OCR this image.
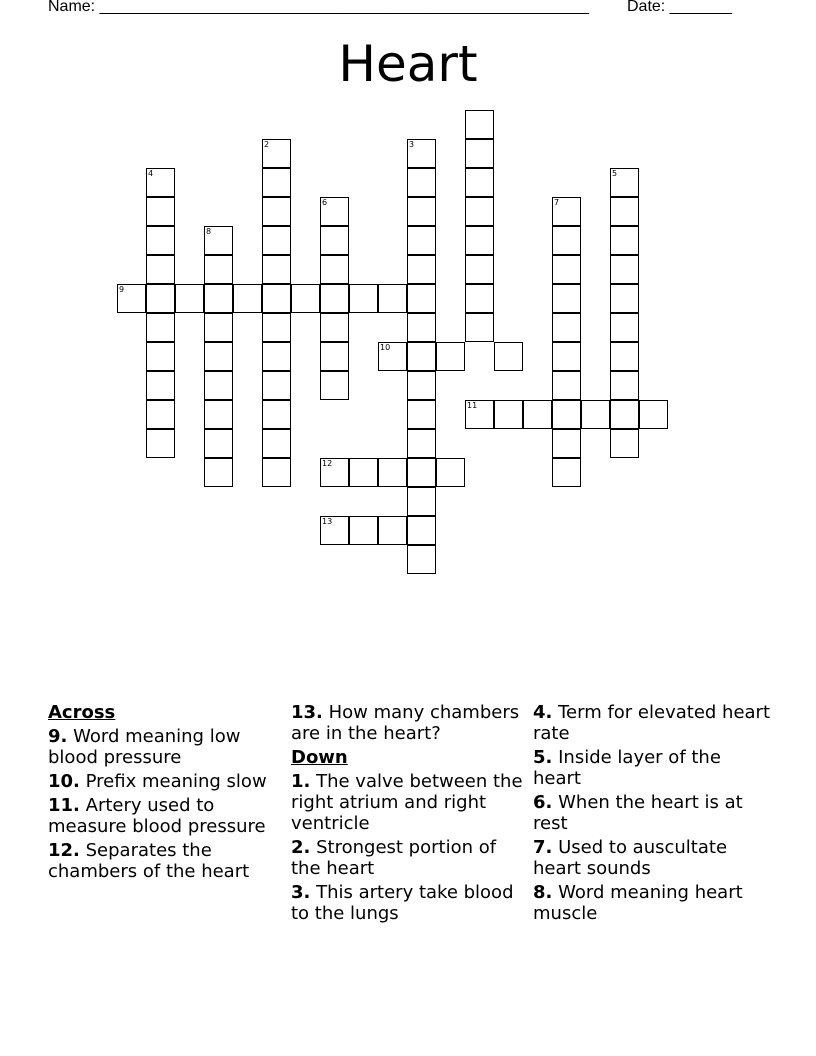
Name: _______________________________________________________ Date: _______
Heart
2	3
4	5
6	7
8
9
10
11
12
13
Across
9. Word meaning low blood pressure
10. Prefix meaning slow
11. Artery used to measure blood pressure
12. Separates the chambers of the heart
13. How many chambers are in the heart?
Down
1. The valve between the right atrium and right ventricle
2. Strongest portion of the heart
3. This artery take blood to the lungs
4. Term for elevated heart rate
5. Inside layer of the heart
6. When the heart is at rest
7. Used to auscultate heart sounds
8. Word meaning heart muscle
